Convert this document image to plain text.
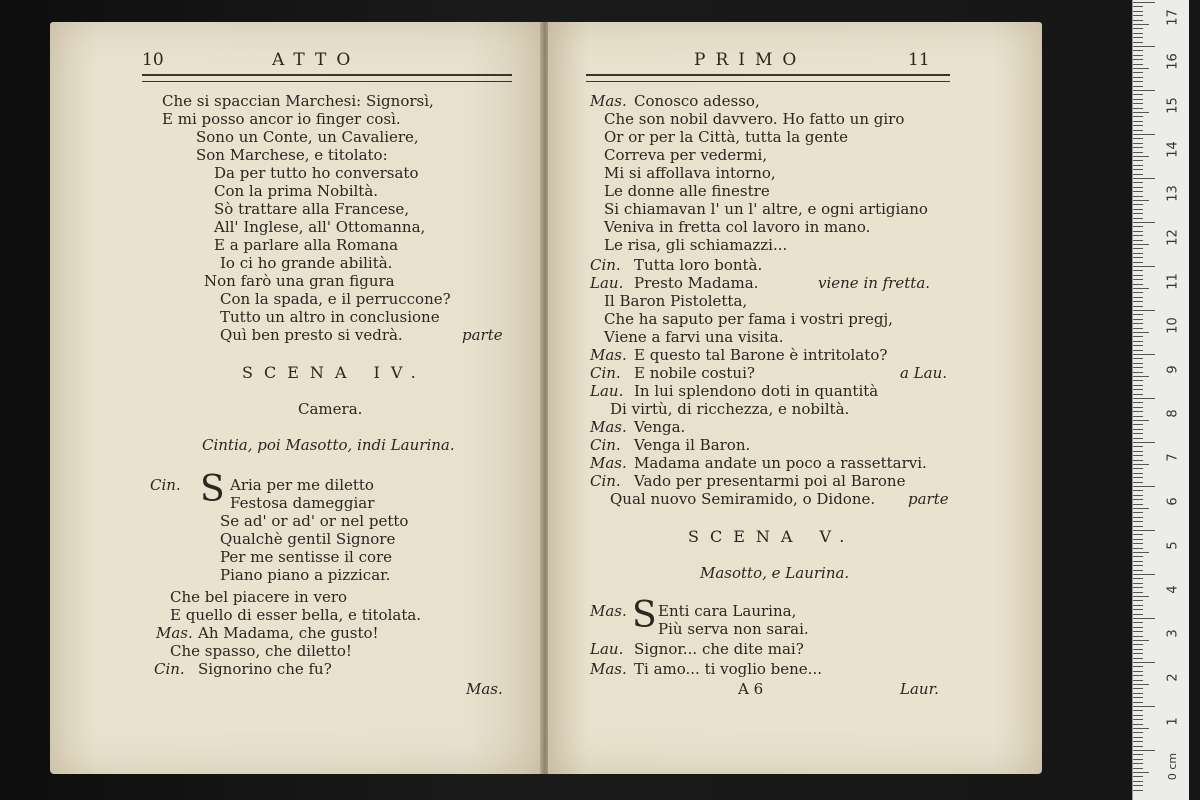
10	ATTO
Che si spaccian Marchesi: Signorsì,
E mi posso ancor io finger così.
Sono un Conte, un Cavaliere,
Son Marchese, e titolato:
Da per tutto ho conversato
Con la prima Nobiltà.
Sò trattare alla Francese,
All' Inglese, all' Ottomanna,
E a parlare alla Romana
Io ci ho grande abilità.
Non farò una gran figura
Con la spada, e il perruccone?
Tutto un altro in conclusione
Quì ben presto si vedrà.	parte
SCENA IV.
Camera.
Cintia, poi Masotto, indi Laurina.
Cin. S Aria per me diletto
Festosa dameggiar
Se ad' or ad' or nel petto
Qualchè gentil Signore
Per me sentisse il core
Piano piano a pizzicar.
Che bel piacere in vero
E quello di esser bella, e titolata.
Mas. Ah Madama, che gusto!
Che spasso, che diletto!
Cin. Signorino che fu?
Mas.
PRIMO	11
Mas. Conosco adesso,
Che son nobil davvero. Ho fatto un giro
Or or per la Città, tutta la gente
Correva per vedermi,
Mi si affollava intorno,
Le donne alle finestre
Si chiamavan l' un l' altre, e ogni artigiano
Veniva in fretta col lavoro in mano.
Le risa, gli schiamazzi...
Cin. Tutta loro bontà.
Lau. Presto Madama.	viene in fretta.
Il Baron Pistoletta,
Che ha saputo per fama i vostri pregj,
Viene a farvi una visita.
Mas. E questo tal Barone è intritolato?
Cin. E nobile costui?	a Lau.
Lau. In lui splendono doti in quantità
Di virtù, di ricchezza, e nobiltà.
Mas. Venga.
Cin. Venga il Baron.
Mas. Madama andate un poco a rassettarvi.
Cin. Vado per presentarmi poi al Barone
Qual nuovo Semiramido, o Didone. parte
SCENA V.
Masotto, e Laurina.
Mas. S Enti cara Laurina,
Più serva non sarai.
Lau. Signor... che dite mai?
Mas. Ti amo... ti voglio bene...
A 6	Laur.
17
16
15
14
13
12
11
10
9
8
7
6
5
4
3
2
1
0 cm
